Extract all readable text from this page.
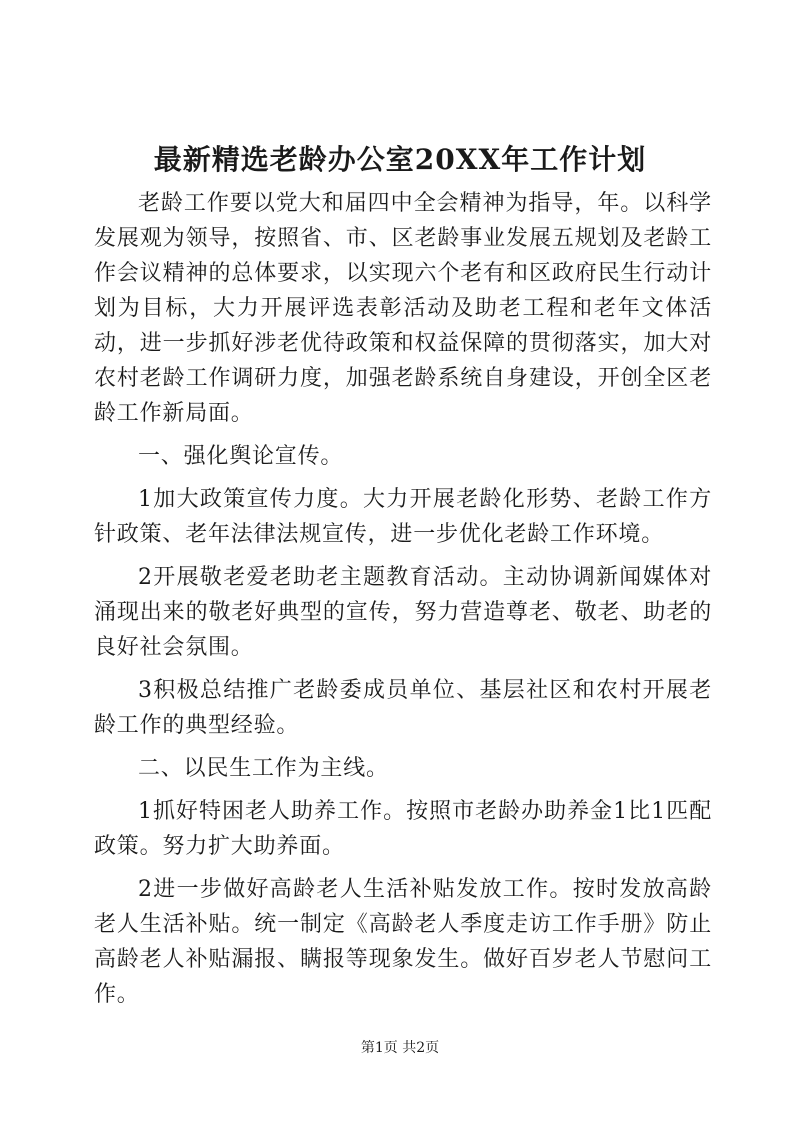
最新精选老龄办公室20XX年工作计划

老龄工作要以党大和届四中全会精神为指导，年。以科学发展观为领导，按照省、市、区老龄事业发展五规划及老龄工作会议精神的总体要求，以实现六个老有和区政府民生行动计划为目标，大力开展评选表彰活动及助老工程和老年文体活动，进一步抓好涉老优待政策和权益保障的贯彻落实，加大对农村老龄工作调研力度，加强老龄系统自身建设，开创全区老龄工作新局面。

一、强化舆论宣传。

1加大政策宣传力度。大力开展老龄化形势、老龄工作方针政策、老年法律法规宣传，进一步优化老龄工作环境。

2开展敬老爱老助老主题教育活动。主动协调新闻媒体对涌现出来的敬老好典型的宣传，努力营造尊老、敬老、助老的良好社会氛围。

3积极总结推广老龄委成员单位、基层社区和农村开展老龄工作的典型经验。

二、以民生工作为主线。

1抓好特困老人助养工作。按照市老龄办助养金1比1匹配政策。努力扩大助养面。

2进一步做好高龄老人生活补贴发放工作。按时发放高龄老人生活补贴。统一制定《高龄老人季度走访工作手册》防止高龄老人补贴漏报、瞒报等现象发生。做好百岁老人节慰问工作。

第1页 共2页
